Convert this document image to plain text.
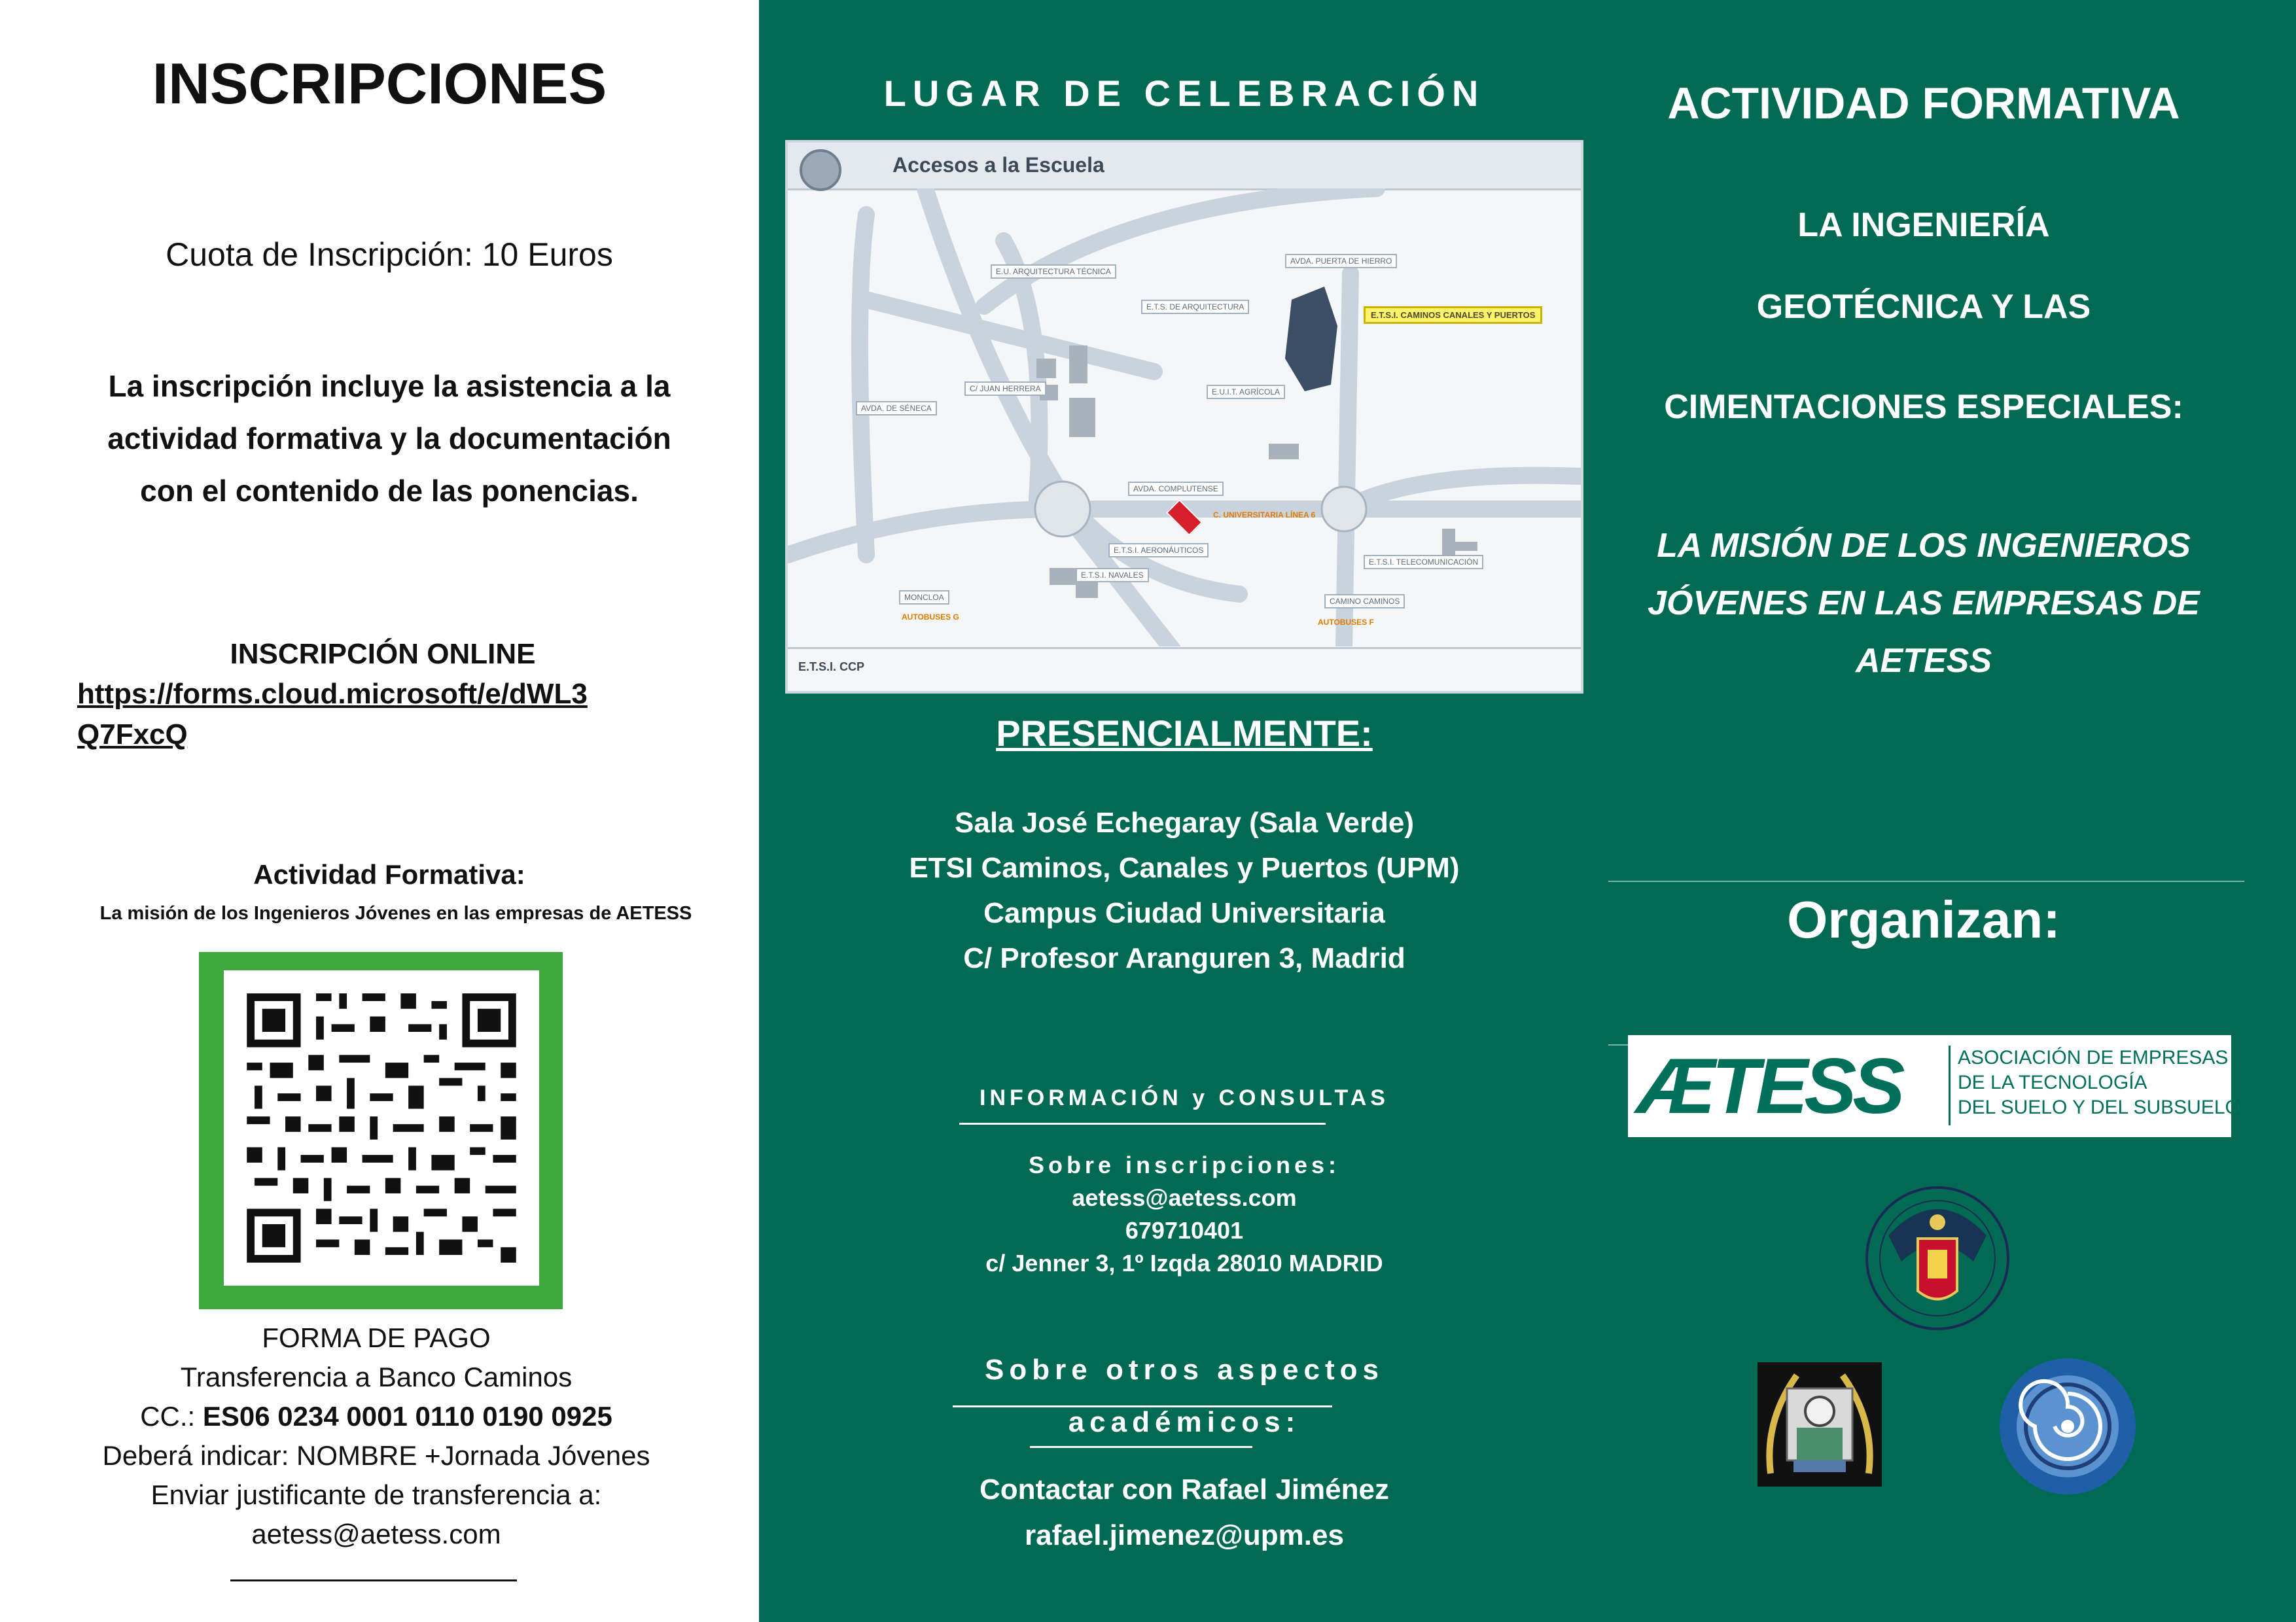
INSCRIPCIONES
Cuota de Inscripción: 10 Euros
La inscripción incluye la asistencia a la
actividad formativa y la documentación
con el contenido de las ponencias.
INSCRIPCIÓN ONLINE
https://forms.cloud.microsoft/e/dWL3
Q7FxcQ
Actividad Formativa:
La misión de los Ingenieros Jóvenes en las empresas de AETESS
FORMA DE PAGO
Transferencia a Banco Caminos
CC.: ES06 0234 0001 0110 0190 0925
Deberá indicar: NOMBRE +Jornada Jóvenes
Enviar justificante de transferencia a:
aetess@aetess.com
LUGAR DE CELEBRACIÓN
Accesos a la Escuela
E.U. ARQUITECTURA TÉCNICA
E.T.S. DE ARQUITECTURA
AVDA. PUERTA DE HIERRO
C/ JUAN HERRERA	E.U.I.T. AGRÍCOLA
AVDA. DE SÉNECA
AVDA. COMPLUTENSE
E.T.S.I. AERONÁUTICOS
E.T.S.I. NAVALES
MONCLOA	CAMINO CAMINOS
E.T.S.I. TELECOMUNICACIÓN
E.T.S.I. CAMINOS CANALES Y PUERTOS
C. UNIVERSITARIA LÍNEA 6
AUTOBUSES G
AUTOBUSES F
E.T.S.I. CCP
PRESENCIALMENTE:
Sala José Echegaray (Sala Verde)
ETSI Caminos, Canales y Puertos (UPM)
Campus Ciudad Universitaria
C/ Profesor Aranguren 3, Madrid
INFORMACIÓN y CONSULTAS
Sobre inscripciones:
aetess@aetess.com
679710401
c/ Jenner 3, 1º Izqda 28010 MADRID
Sobre otros aspectos
académicos:
Contactar con Rafael Jiménez
rafael.jimenez@upm.es
ACTIVIDAD FORMATIVA
LA INGENIERÍA
GEOTÉCNICA Y LAS
CIMENTACIONES ESPECIALES:
LA MISIÓN DE LOS INGENIEROS
JÓVENES EN LAS EMPRESAS DE
AETESS
Organizan:
ÆTESS	ASOCIACIÓN DE EMPRESAS
DE LA TECNOLOGÍA
DEL SUELO Y DEL SUBSUELO
